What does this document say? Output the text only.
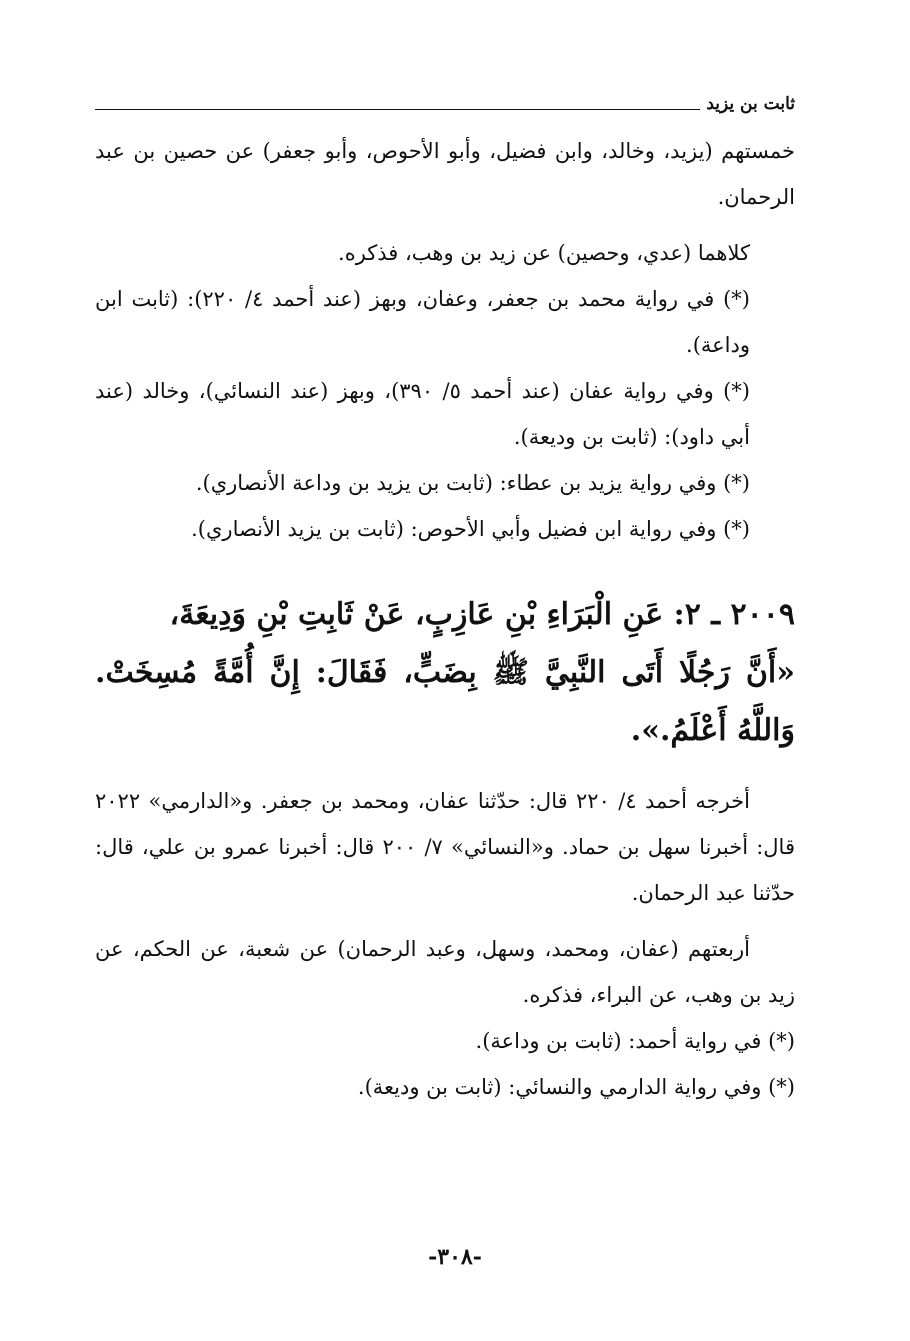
ثابت بن يزيد

خمستهم (يزيد، وخالد، وابن فضيل، وأبو الأحوص، وأبو جعفر) عن حصين بن عبد الرحمان.

كلاهما (عدي، وحصين) عن زيد بن وهب، فذكره.

(*) في رواية محمد بن جعفر، وعفان، وبهز (عند أحمد ٤/ ٢٢٠): (ثابت ابن وداعة).

(*) وفي رواية عفان (عند أحمد ٥/ ٣٩٠)، وبهز (عند النسائي)، وخالد (عند أبي داود): (ثابت بن وديعة).

(*) وفي رواية يزيد بن عطاء: (ثابت بن يزيد بن وداعة الأنصاري).

(*) وفي رواية ابن فضيل وأبي الأحوص: (ثابت بن يزيد الأنصاري).

٢٠٠٩ ـ ٢: عَنِ الْبَرَاءِ بْنِ عَازِبٍ، عَنْ ثَابِتِ بْنِ وَدِيعَةَ،

«أَنَّ رَجُلًا أَتَى النَّبِيَّ ﷺ بِضَبٍّ، فَقَالَ: إِنَّ أُمَّةً مُسِخَتْ. وَاللَّهُ أَعْلَمُ.».

أخرجه أحمد ٤/ ٢٢٠ قال: حدّثنا عفان، ومحمد بن جعفر. و«الدارمي» ٢٠٢٢ قال: أخبرنا سهل بن حماد. و«النسائي» ٧/ ٢٠٠ قال: أخبرنا عمرو بن علي، قال: حدّثنا عبد الرحمان.

أربعتهم (عفان، ومحمد، وسهل، وعبد الرحمان) عن شعبة، عن الحكم، عن زيد بن وهب، عن البراء، فذكره.

(*) في رواية أحمد: (ثابت بن وداعة).

(*) وفي رواية الدارمي والنسائي: (ثابت بن وديعة).

-٣٠٨-
